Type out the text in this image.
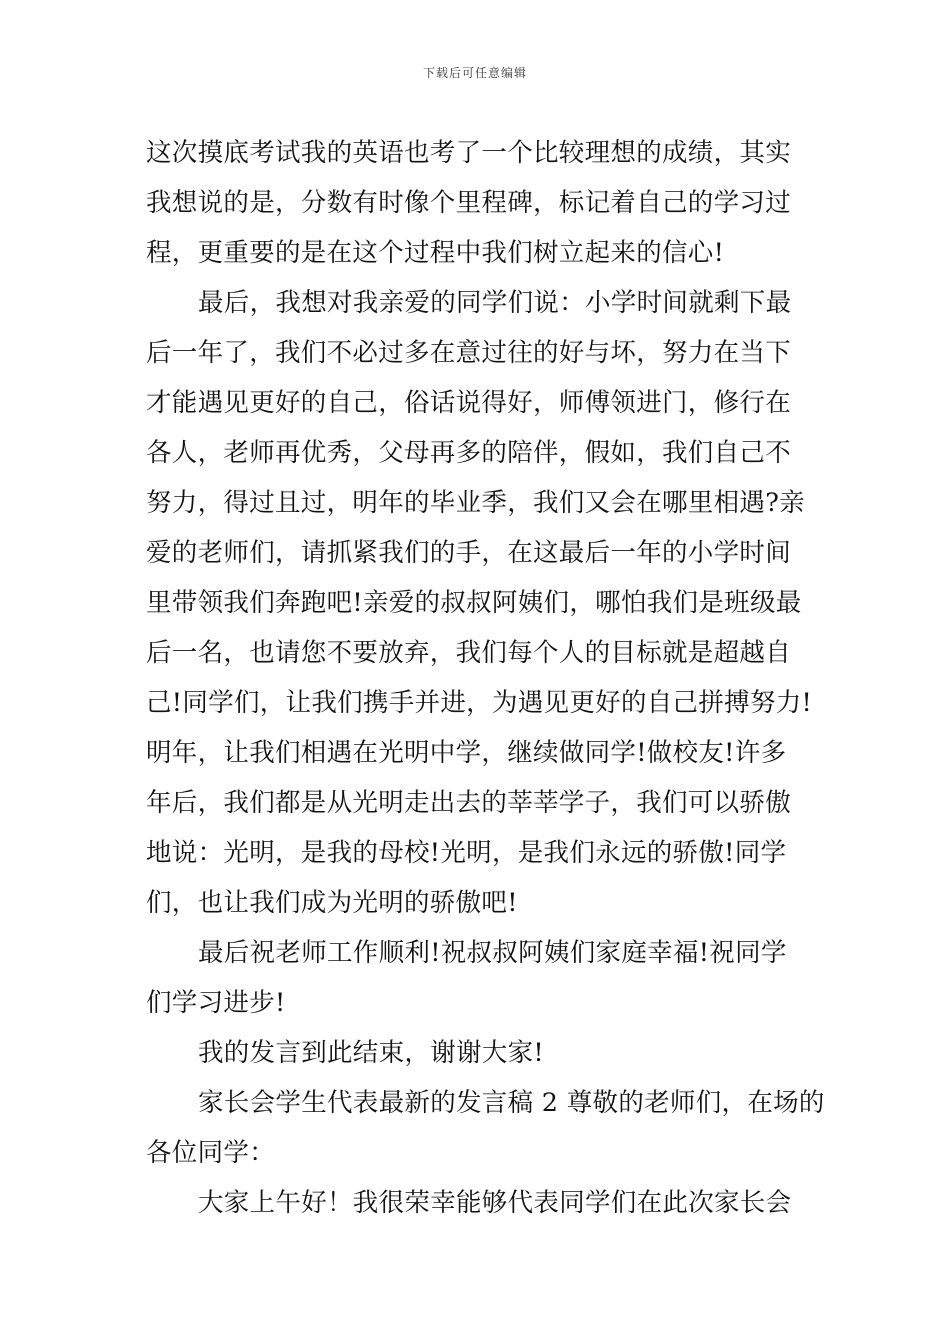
下载后可任意编辑
这次摸底考试我的英语也考了一个比较理想的成绩，其实
我想说的是，分数有时像个里程碑，标记着自己的学习过
程，更重要的是在这个过程中我们树立起来的信心!
最后，我想对我亲爱的同学们说：小学时间就剩下最
后一年了，我们不必过多在意过往的好与坏，努力在当下
才能遇见更好的自己，俗话说得好，师傅领进门，修行在
各人，老师再优秀，父母再多的陪伴，假如，我们自己不
努力，得过且过，明年的毕业季，我们又会在哪里相遇?亲
爱的老师们，请抓紧我们的手，在这最后一年的小学时间
里带领我们奔跑吧!亲爱的叔叔阿姨们，哪怕我们是班级最
后一名，也请您不要放弃，我们每个人的目标就是超越自
己!同学们，让我们携手并进，为遇见更好的自己拼搏努力!
明年，让我们相遇在光明中学，继续做同学!做校友!许多
年后，我们都是从光明走出去的莘莘学子，我们可以骄傲
地说：光明，是我的母校!光明，是我们永远的骄傲!同学
们，也让我们成为光明的骄傲吧!
最后祝老师工作顺利!祝叔叔阿姨们家庭幸福!祝同学
们学习进步!
我的发言到此结束，谢谢大家!
家长会学生代表最新的发言稿 2 尊敬的老师们，在场的
各位同学：
大家上午好！我很荣幸能够代表同学们在此次家长会
